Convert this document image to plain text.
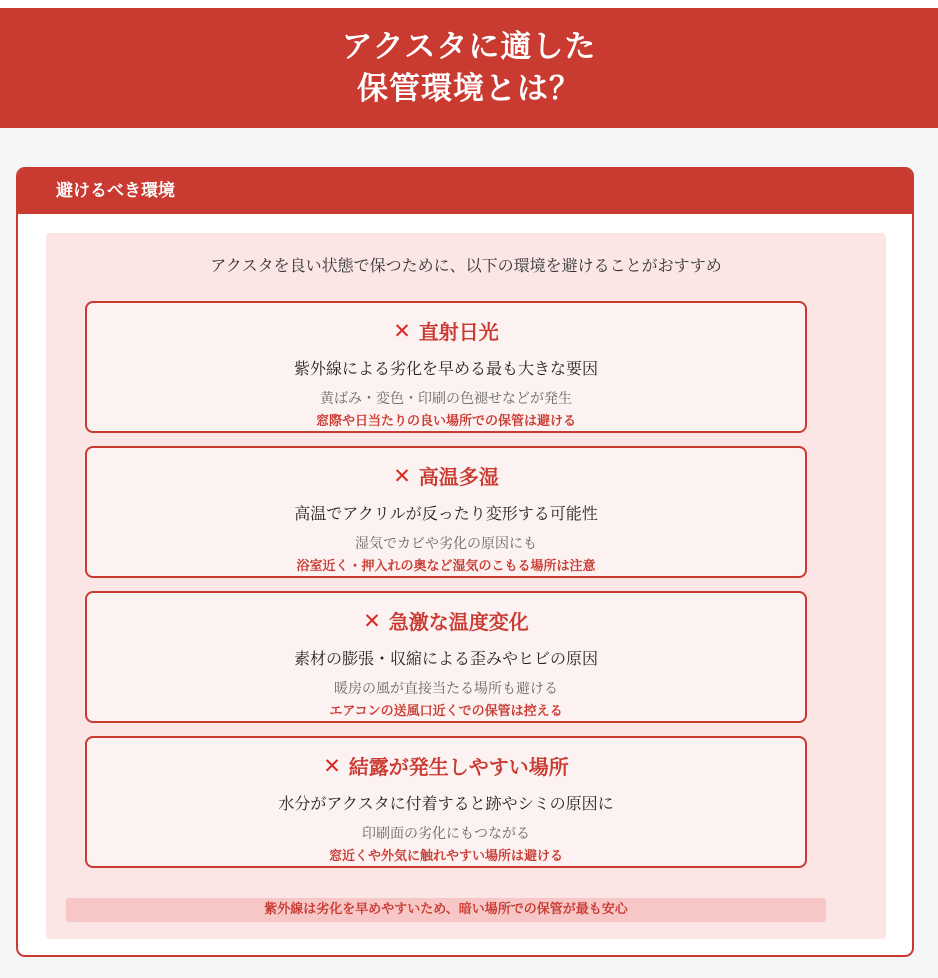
アクスタに適した
保管環境とは？
避けるべき環境
アクスタを良い状態で保つために、以下の環境を避けることがおすすめ
✕ 直射日光
紫外線による劣化を早める最も大きな要因
黄ばみ・変色・印刷の色褪せなどが発生
窓際や日当たりの良い場所での保管は避ける
✕ 高温多湿
高温でアクリルが反ったり変形する可能性
湿気でカビや劣化の原因にも
浴室近く・押入れの奥など湿気のこもる場所は注意
✕ 急激な温度変化
素材の膨張・収縮による歪みやヒビの原因
暖房の風が直接当たる場所も避ける
エアコンの送風口近くでの保管は控える
✕ 結露が発生しやすい場所
水分がアクスタに付着すると跡やシミの原因に
印刷面の劣化にもつながる
窓近くや外気に触れやすい場所は避ける
紫外線は劣化を早めやすいため、暗い場所での保管が最も安心
